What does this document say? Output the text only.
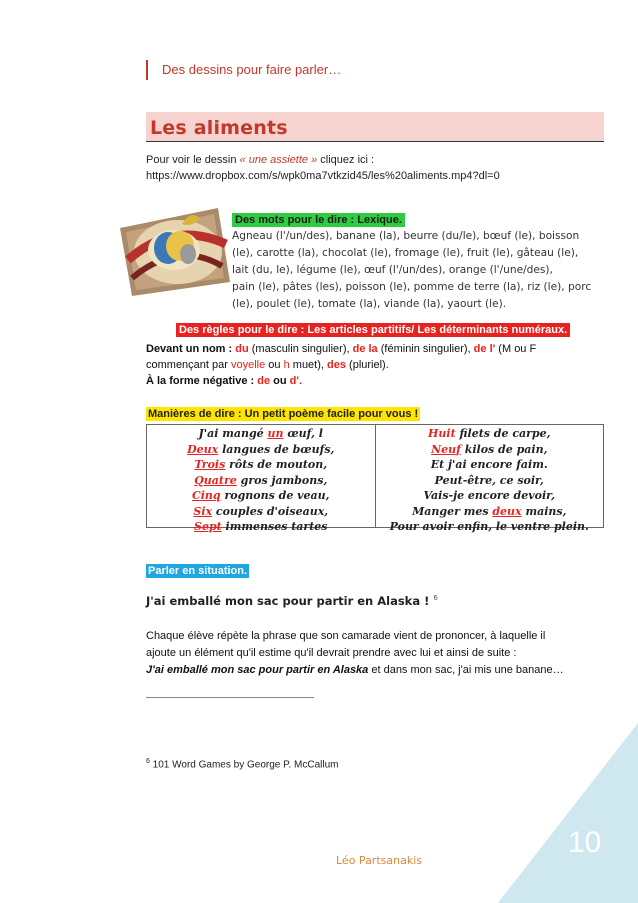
Des dessins pour faire parler…
Les aliments
Pour voir le dessin « une assiette » cliquez ici :
https://www.dropbox.com/s/wpk0ma7vtkzid45/les%20aliments.mp4?dl=0
Des mots pour le dire : Lexique.
Agneau (l'/un/des), banane (la), beurre (du/le), bœuf (le), boisson
(le), carotte (la), chocolat (le), fromage (le), fruit (le), gâteau (le),
lait (du, le), légume (le), œuf (l'/un/des), orange (l'/une/des),
pain (le), pâtes (les), poisson (le), pomme de terre (la), riz (le), porc
(le), poulet (le), tomate (la), viande (la), yaourt (le).
Des règles pour le dire : Les articles partitifs/ Les déterminants numéraux.
Devant un nom : du (masculin singulier), de la (féminin singulier), de l' (M ou F
commençant par voyelle ou h muet), des (pluriel).
À la forme négative : de ou d'.
Manières de dire : Un petit poème facile pour vous !
J'ai mangé un œuf, l
Deux langues de bœufs,
Trois rôts de mouton,
Quatre gros jambons,
Cinq rognons de veau,
Six couples d'oiseaux,
Sept immenses tartes
Huit filets de carpe,
Neuf kilos de pain,
Et j'ai encore faim.
Peut-être, ce soir,
Vais-je encore devoir,
Manger mes deux mains,
Pour avoir enfin, le ventre plein.
Parler en situation.
J'ai emballé mon sac pour partir en Alaska ! $^6$
Chaque élève répète la phrase que son camarade vient de prononcer, à laquelle il
ajoute un élément qu'il estime qu'il devrait prendre avec lui et ainsi de suite :
J'ai emballé mon sac pour partir en Alaska et dans mon sac, j'ai mis une banane…
$^6$ 101 Word Games by George P. McCallum
Léo Partsanakis
10
